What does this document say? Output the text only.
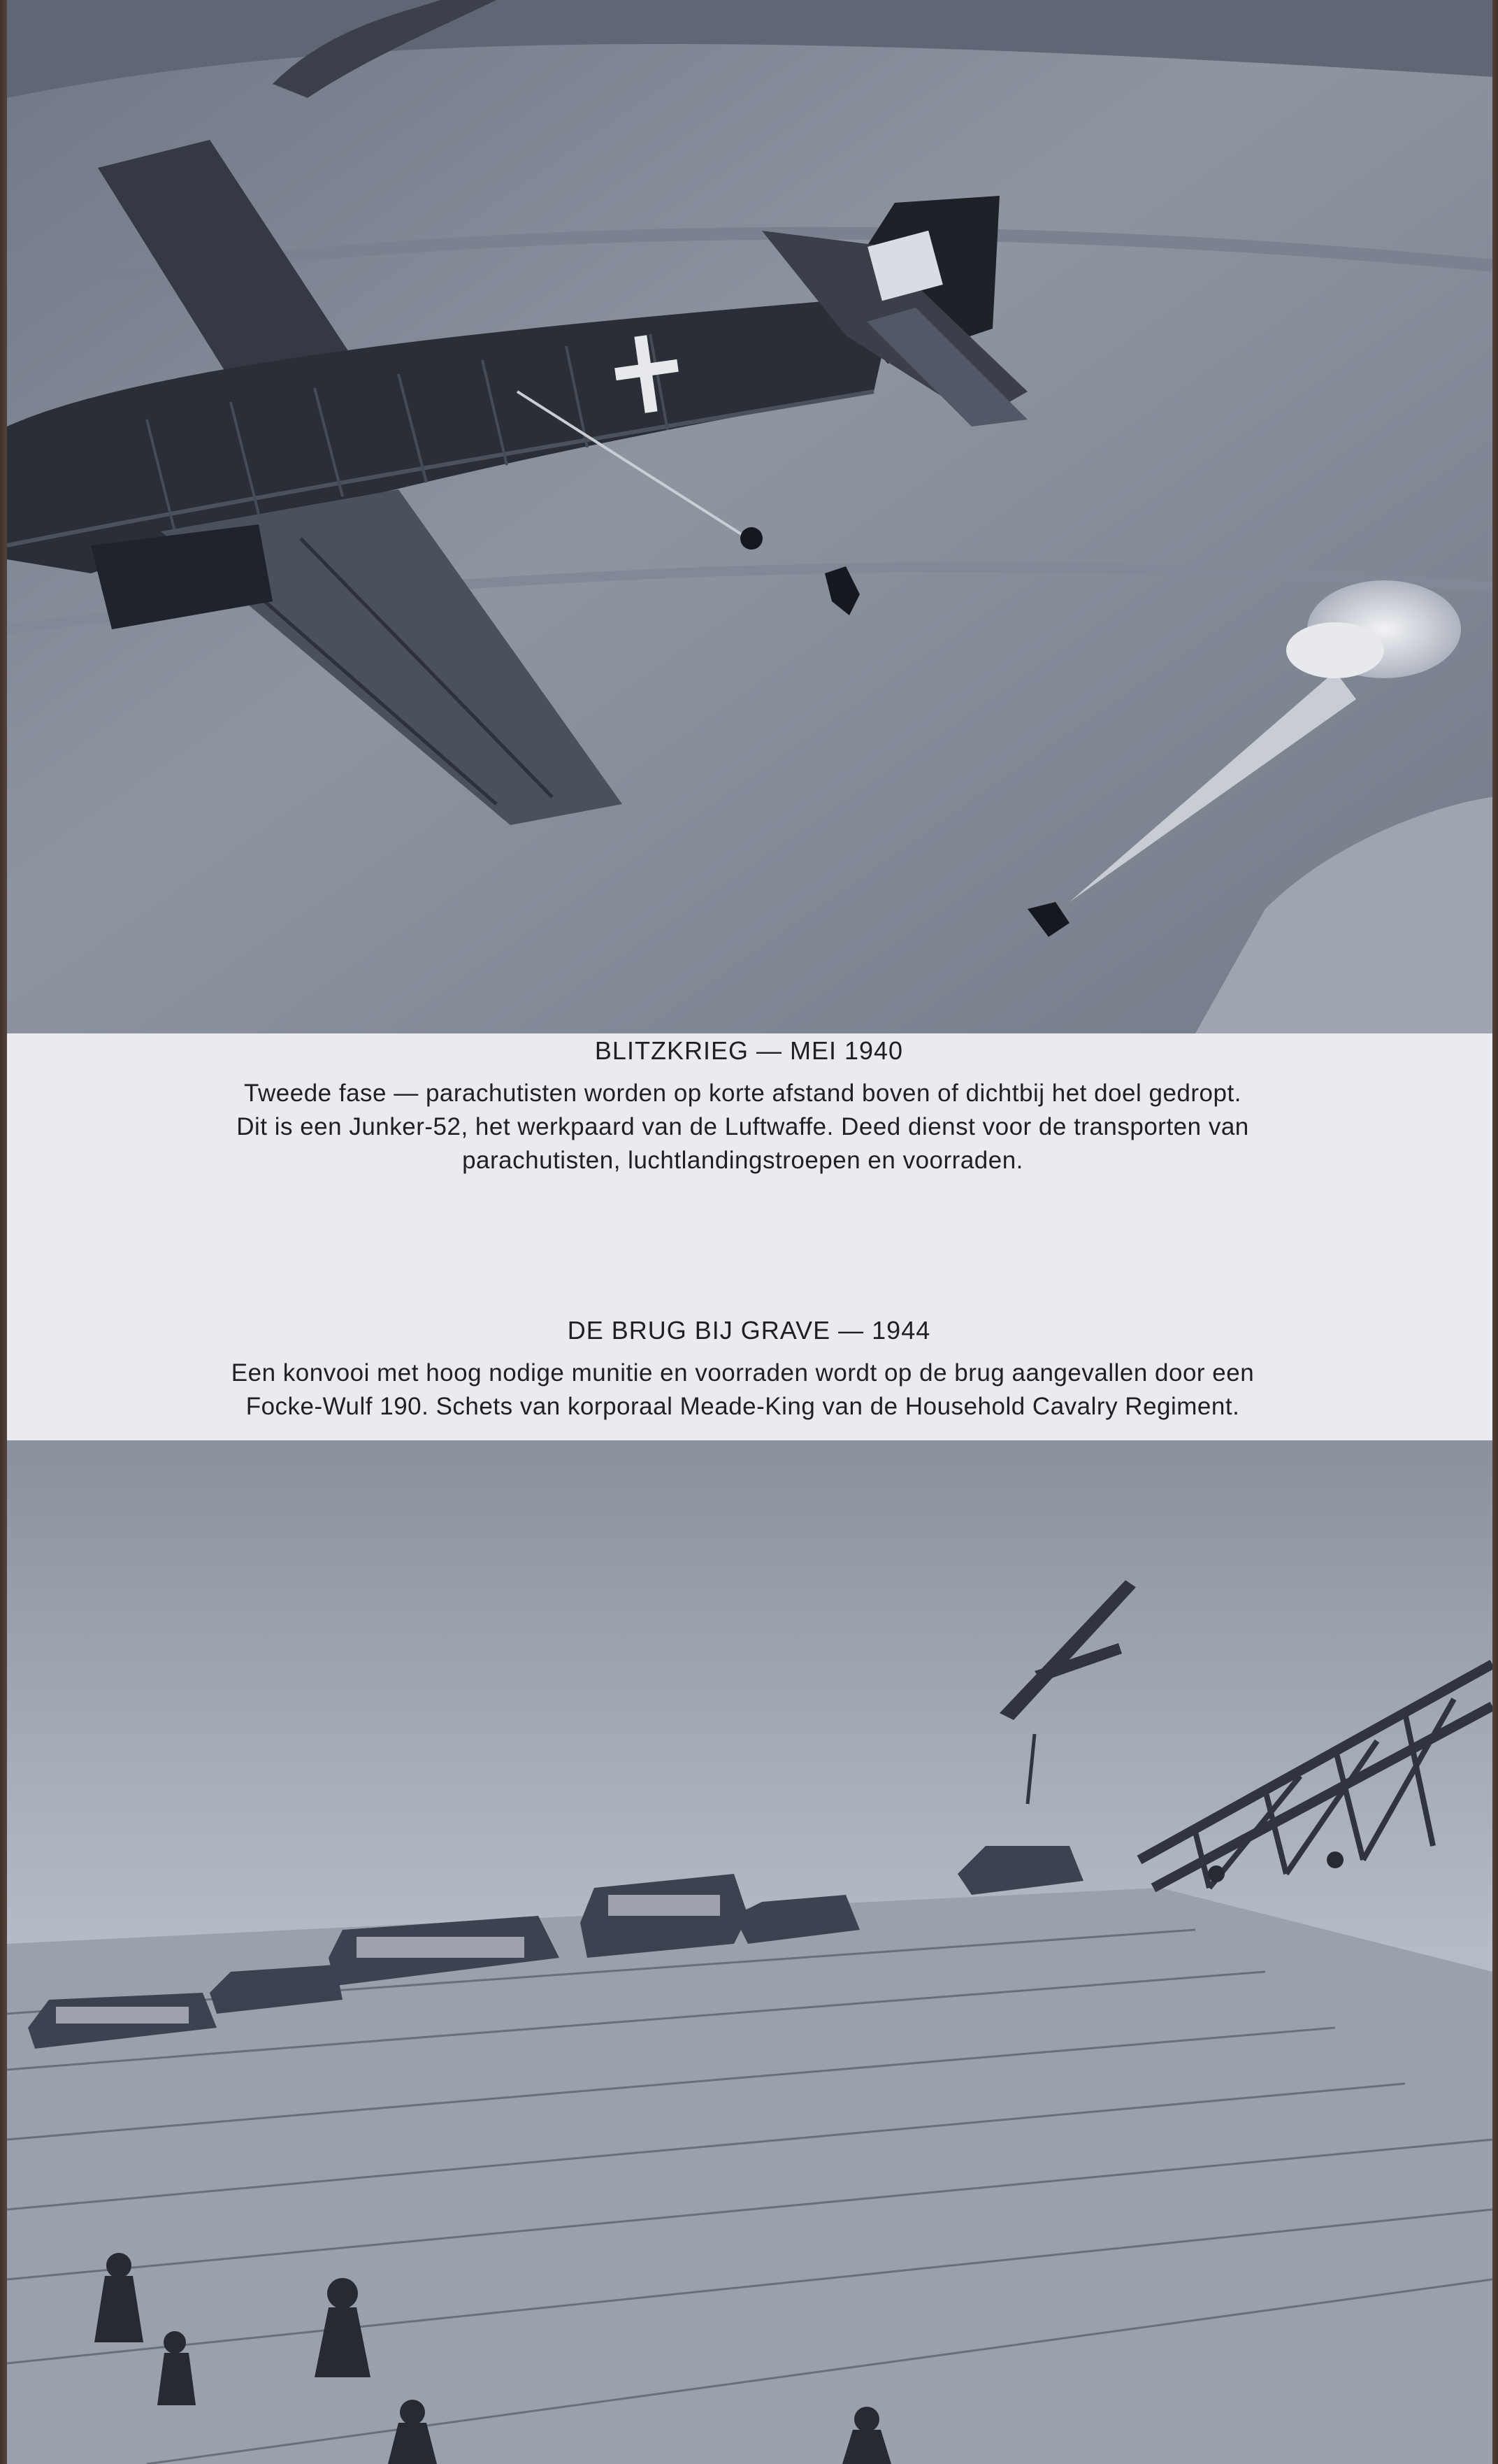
BLITZKRIEG — MEI 1940
Tweede fase — parachutisten worden op korte afstand boven of dichtbij het doel gedropt.
Dit is een Junker-52, het werkpaard van de Luftwaffe. Deed dienst voor de transporten van
parachutisten, luchtlandingstroepen en voorraden.
DE BRUG BIJ GRAVE — 1944
Een konvooi met hoog nodige munitie en voorraden wordt op de brug aangevallen door een
Focke-Wulf 190. Schets van korporaal Meade-King van de Household Cavalry Regiment.
